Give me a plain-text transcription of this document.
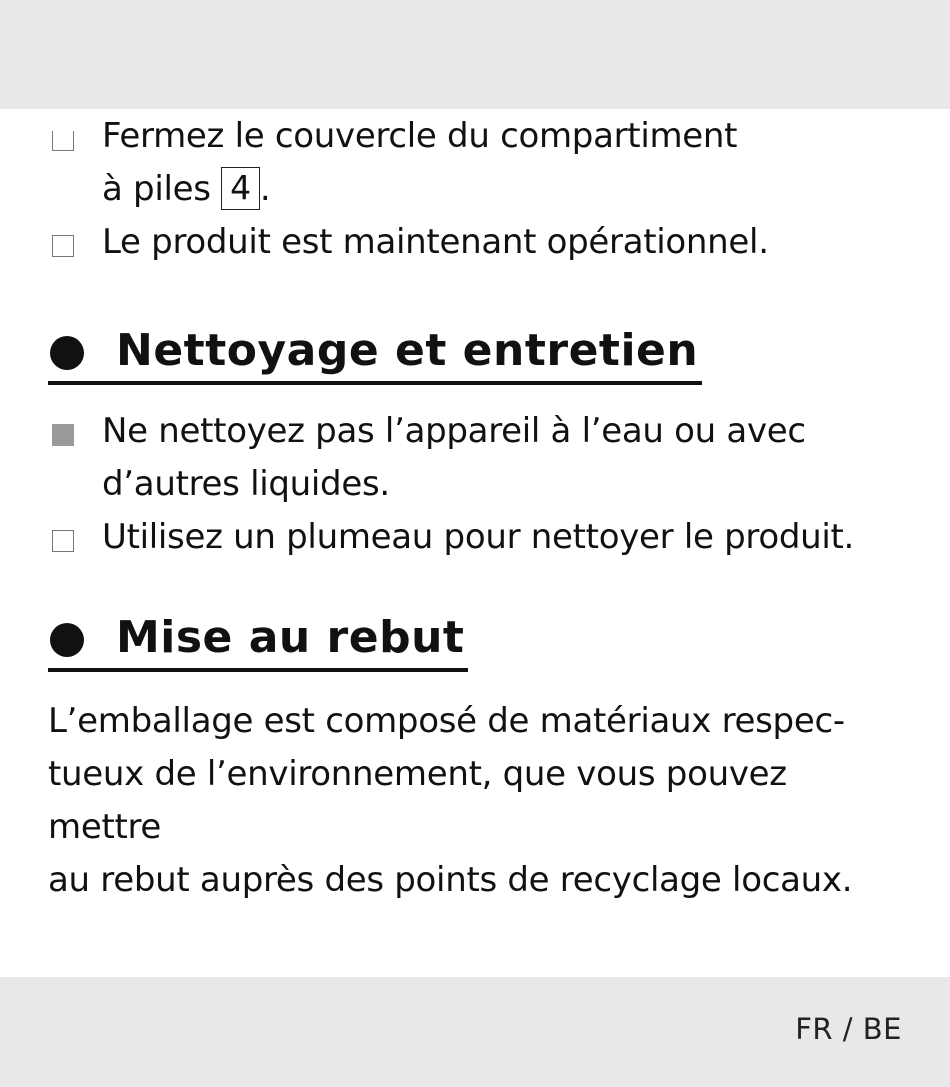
Fermez le couvercle du compartiment
à piles 4 .
Le produit est maintenant opérationnel.
Nettoyage et entretien
Ne nettoyez pas l’appareil à l’eau ou avec
d’autres liquides.
Utilisez un plumeau pour nettoyer le produit.
Mise au rebut
L’emballage est composé de matériaux respec-
tueux de l’environnement, que vous pouvez mettre
au rebut auprès des points de recyclage locaux.
FR / BE
